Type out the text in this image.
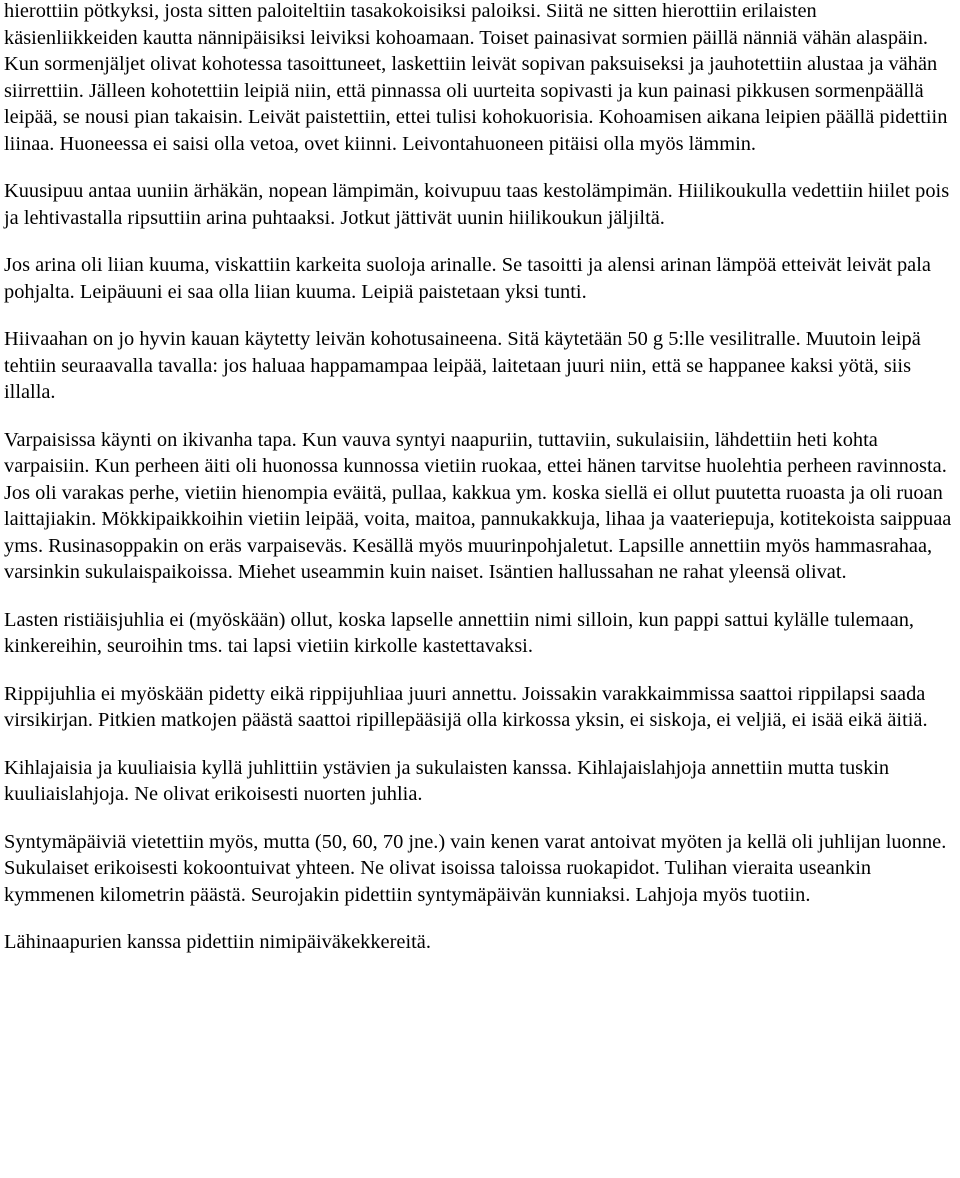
hierottiin pötkyksi, josta sitten paloiteltiin tasakokoisiksi paloiksi. Siitä ne sitten hierottiin erilaisten käsienliikkeiden kautta nännipäisiksi leiviksi kohoamaan. Toiset painasivat sormien päillä nänniä vähän alaspäin. Kun sormenjäljet olivat kohotessa tasoittuneet, laskettiin leivät sopivan paksuiseksi ja jauhotettiin alustaa ja vähän siirrettiin. Jälleen kohotettiin leipiä niin, että pinnassa oli uurteita sopivasti ja kun painasi pikkusen sormenpäällä leipää, se nousi pian takaisin. Leivät paistettiin, ettei tulisi kohokuorisia. Kohoamisen aikana leipien päällä pidettiin liinaa. Huoneessa ei saisi olla vetoa, ovet kiinni. Leivontahuoneen pitäisi olla myös lämmin.

Kuusipuu antaa uuniin ärhäkän, nopean lämpimän, koivupuu taas kestolämpimän. Hiilikoukulla vedettiin hiilet pois ja lehtivastalla ripsuttiin arina puhtaaksi. Jotkut jättivät uunin hiilikoukun jäljiltä.

Jos arina oli liian kuuma, viskattiin karkeita suoloja arinalle. Se tasoitti ja alensi arinan lämpöä etteivät leivät pala pohjalta. Leipäuuni ei saa olla liian kuuma. Leipiä paistetaan yksi tunti.

Hiivaahan on jo hyvin kauan käytetty leivän kohotusaineena. Sitä käytetään 50 g 5:lle vesilitralle. Muutoin leipä tehtiin seuraavalla tavalla: jos haluaa happamampaa leipää, laitetaan juuri niin, että se happanee kaksi yötä, siis illalla.

Varpaisissa käynti on ikivanha tapa. Kun vauva syntyi naapuriin, tuttaviin, sukulaisiin, lähdettiin heti kohta varpaisiin. Kun perheen äiti oli huonossa kunnossa vietiin ruokaa, ettei hänen tarvitse huolehtia perheen ravinnosta. Jos oli varakas perhe, vietiin hienompia eväitä, pullaa, kakkua ym. koska siellä ei ollut puutetta ruoasta ja oli ruoan laittajiakin. Mökkipaikkoihin vietiin leipää, voita, maitoa, pannukakkuja, lihaa ja vaateriepuja, kotitekoista saippuaa yms. Rusinasoppakin on eräs varpaiseväs. Kesällä myös muurinpohjaletut. Lapsille annettiin myös hammasrahaa, varsinkin sukulaispaikoissa. Miehet useammin kuin naiset. Isäntien hallussahan ne rahat yleensä olivat.

Lasten ristiäisjuhlia ei (myöskään) ollut, koska lapselle annettiin nimi silloin, kun pappi sattui kylälle tulemaan, kinkereihin, seuroihin tms. tai lapsi vietiin kirkolle kastettavaksi.

Rippijuhlia ei myöskään pidetty eikä rippijuhliaa juuri annettu. Joissakin varakkaimmissa saattoi rippilapsi saada virsikirjan. Pitkien matkojen päästä saattoi ripillepääsijä olla kirkossa yksin, ei siskoja, ei veljiä, ei isää eikä äitiä.

Kihlajaisia ja kuuliaisia kyllä juhlittiin ystävien ja sukulaisten kanssa. Kihlajaislahjoja annettiin mutta tuskin kuuliaislahjoja. Ne olivat erikoisesti nuorten juhlia.

Syntymäpäiviä vietettiin myös, mutta (50, 60, 70 jne.) vain kenen varat antoivat myöten ja kellä oli juhlijan luonne. Sukulaiset erikoisesti kokoontuivat yhteen. Ne olivat isoissa taloissa ruokapidot. Tulihan vieraita useankin kymmenen kilometrin päästä. Seurojakin pidettiin syntymäpäivän kunniaksi. Lahjoja myös tuotiin.

Lähinaapurien kanssa pidettiin nimipäiväkekkereitä.
